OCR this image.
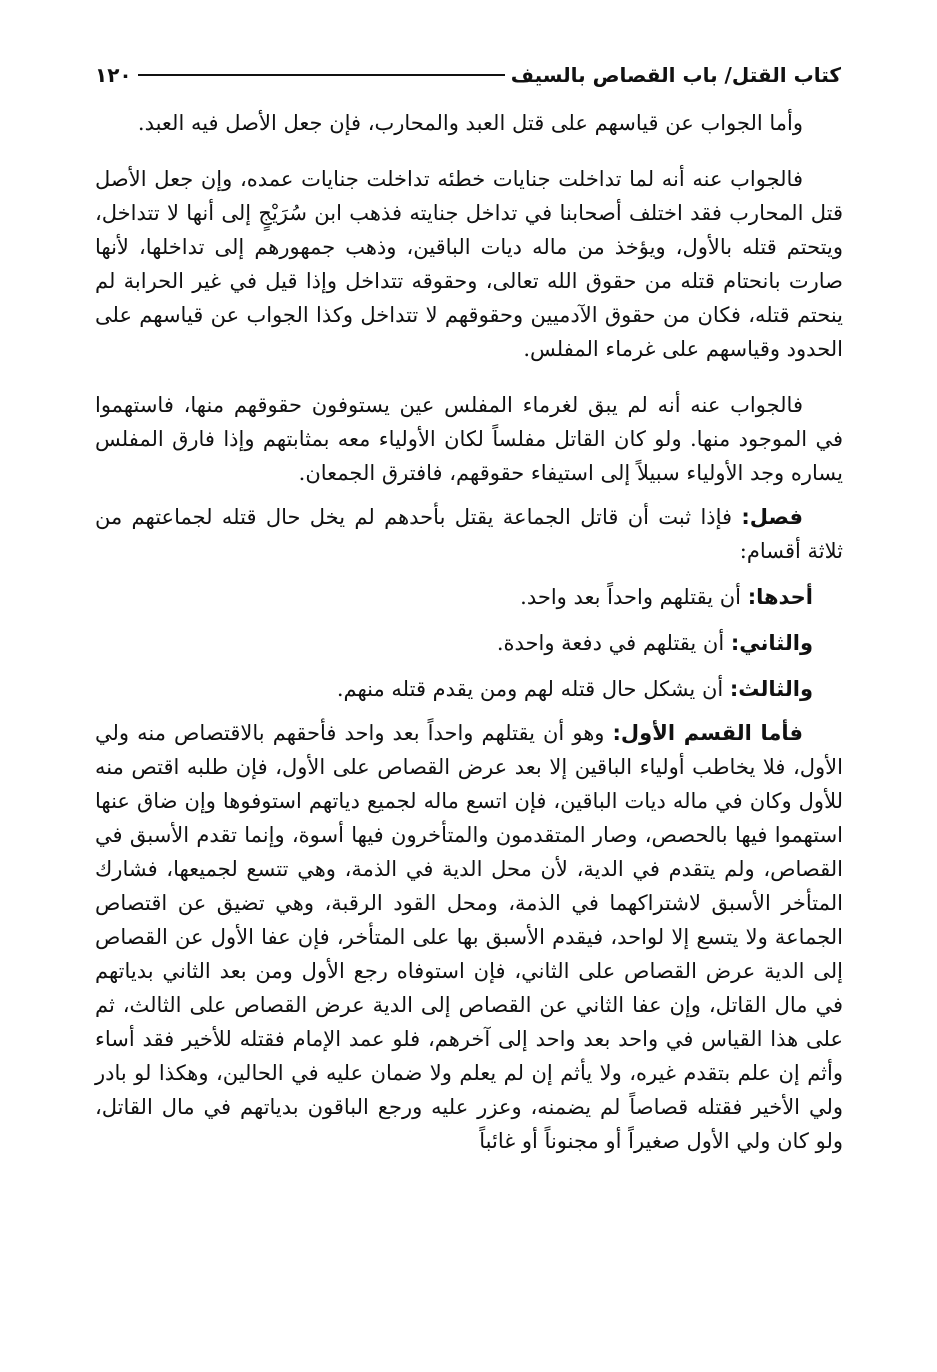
كتاب القتل/ باب القصاص بالسيف
١٢٠

وأما الجواب عن قياسهم على قتل العبد والمحارب، فإن جعل الأصل فيه العبد.

فالجواب عنه أنه لما تداخلت جنايات خطئه تداخلت جنايات عمده، وإن جعل الأصل قتل المحارب فقد اختلف أصحابنا في تداخل جنايته فذهب ابن سُرَيْجٍ إلى أنها لا تتداخل، ويتحتم قتله بالأول، ويؤخذ من ماله ديات الباقين، وذهب جمهورهم إلى تداخلها، لأنها صارت بانحتام قتله من حقوق الله تعالى، وحقوقه تتداخل وإذا قيل في غير الحرابة لم ينحتم قتله، فكان من حقوق الآدميين وحقوقهم لا تتداخل وكذا الجواب عن قياسهم على الحدود وقياسهم على غرماء المفلس.

فالجواب عنه أنه لم يبق لغرماء المفلس عين يستوفون حقوقهم منها، فاستهموا في الموجود منها. ولو كان القاتل مفلساً لكان الأولياء معه بمثابتهم وإذا فارق المفلس يساره وجد الأولياء سبيلاً إلى استيفاء حقوقهم، فافترق الجمعان.

فصل: فإذا ثبت أن قاتل الجماعة يقتل بأحدهم لم يخل حال قتله لجماعتهم من ثلاثة أقسام:

أحدها: أن يقتلهم واحداً بعد واحد.

والثاني: أن يقتلهم في دفعة واحدة.

والثالث: أن يشكل حال قتله لهم ومن يقدم قتله منهم.

فأما القسم الأول: وهو أن يقتلهم واحداً بعد واحد فأحقهم بالاقتصاص منه ولي الأول، فلا يخاطب أولياء الباقين إلا بعد عرض القصاص على الأول، فإن طلبه اقتص منه للأول وكان في ماله ديات الباقين، فإن اتسع ماله لجميع دياتهم استوفوها وإن ضاق عنها استهموا فيها بالحصص، وصار المتقدمون والمتأخرون فيها أسوة، وإنما تقدم الأسبق في القصاص، ولم يتقدم في الدية، لأن محل الدية في الذمة، وهي تتسع لجميعها، فشارك المتأخر الأسبق لاشتراكهما في الذمة، ومحل القود الرقبة، وهي تضيق عن اقتصاص الجماعة ولا يتسع إلا لواحد، فيقدم الأسبق بها على المتأخر، فإن عفا الأول عن القصاص إلى الدية عرض القصاص على الثاني، فإن استوفاه رجع الأول ومن بعد الثاني بدياتهم في مال القاتل، وإن عفا الثاني عن القصاص إلى الدية عرض القصاص على الثالث، ثم على هذا القياس في واحد بعد واحد إلى آخرهم، فلو عمد الإمام فقتله للأخير فقد أساء وأثم إن علم بتقدم غيره، ولا يأثم إن لم يعلم ولا ضمان عليه في الحالين، وهكذا لو بادر ولي الأخير فقتله قصاصاً لم يضمنه، وعزر عليه ورجع الباقون بدياتهم في مال القاتل، ولو كان ولي الأول صغيراً أو مجنوناً أو غائباً
